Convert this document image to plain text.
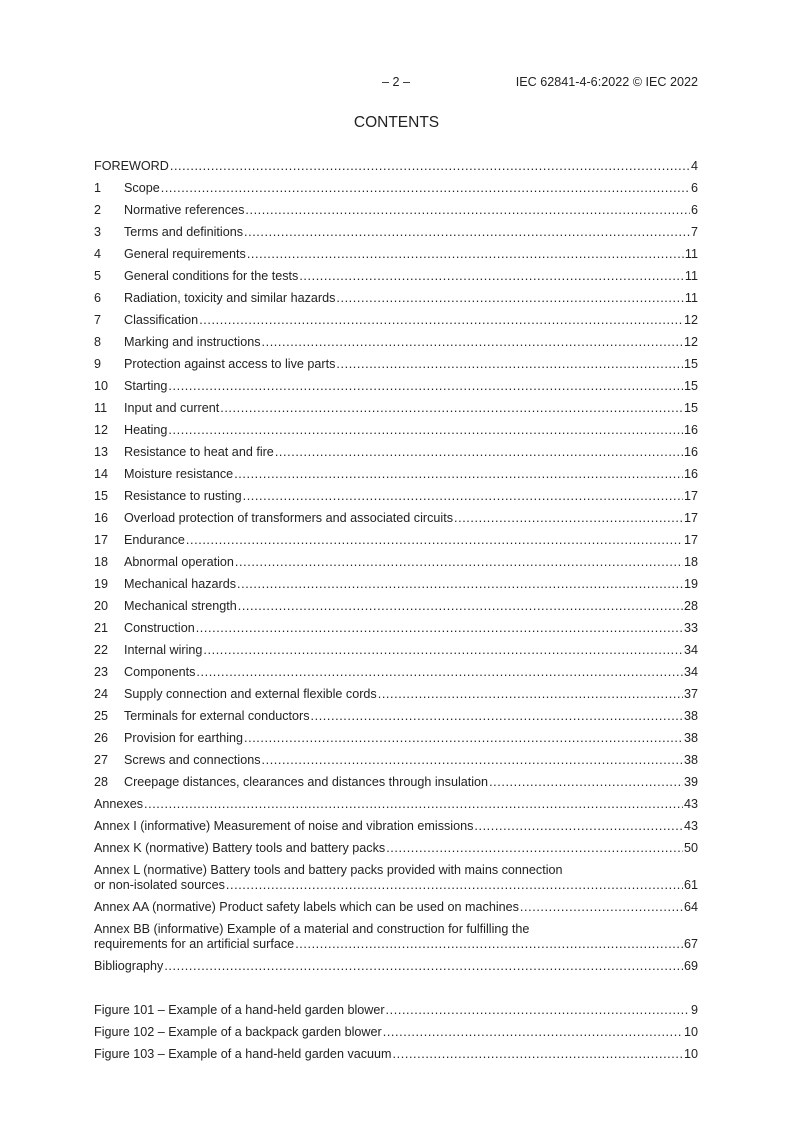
– 2 –	IEC 62841-4-6:2022 © IEC 2022
CONTENTS
FOREWORD .....	4
1	Scope .....	6
2	Normative references .....	6
3	Terms and definitions .....	7
4	General requirements .....	11
5	General conditions for the tests .....	11
6	Radiation, toxicity and similar hazards .....	11
7	Classification .....	12
8	Marking and instructions .....	12
9	Protection against access to live parts .....	15
10	Starting .....	15
11	Input and current .....	15
12	Heating .....	16
13	Resistance to heat and fire .....	16
14	Moisture resistance .....	16
15	Resistance to rusting .....	17
16	Overload protection of transformers and associated circuits .....	17
17	Endurance .....	17
18	Abnormal operation .....	18
19	Mechanical hazards .....	19
20	Mechanical strength .....	28
21	Construction .....	33
22	Internal wiring .....	34
23	Components .....	34
24	Supply connection and external flexible cords .....	37
25	Terminals for external conductors .....	38
26	Provision for earthing .....	38
27	Screws and connections .....	38
28	Creepage distances, clearances and distances through insulation .....	39
Annexes .....	43
Annex I (informative) Measurement of noise and vibration emissions .....	43
Annex K (normative) Battery tools and battery packs .....	50
Annex L (normative) Battery tools and battery packs provided with mains connection
or non-isolated sources .....	61
Annex AA (normative) Product safety labels which can be used on machines .....	64
Annex BB (informative) Example of a material and construction for fulfilling the
requirements for an artificial surface .....	67
Bibliography .....	69
Figure 101 – Example of a hand-held garden blower .....	9
Figure 102 – Example of a backpack garden blower .....	10
Figure 103 – Example of a hand-held garden vacuum .....	10
